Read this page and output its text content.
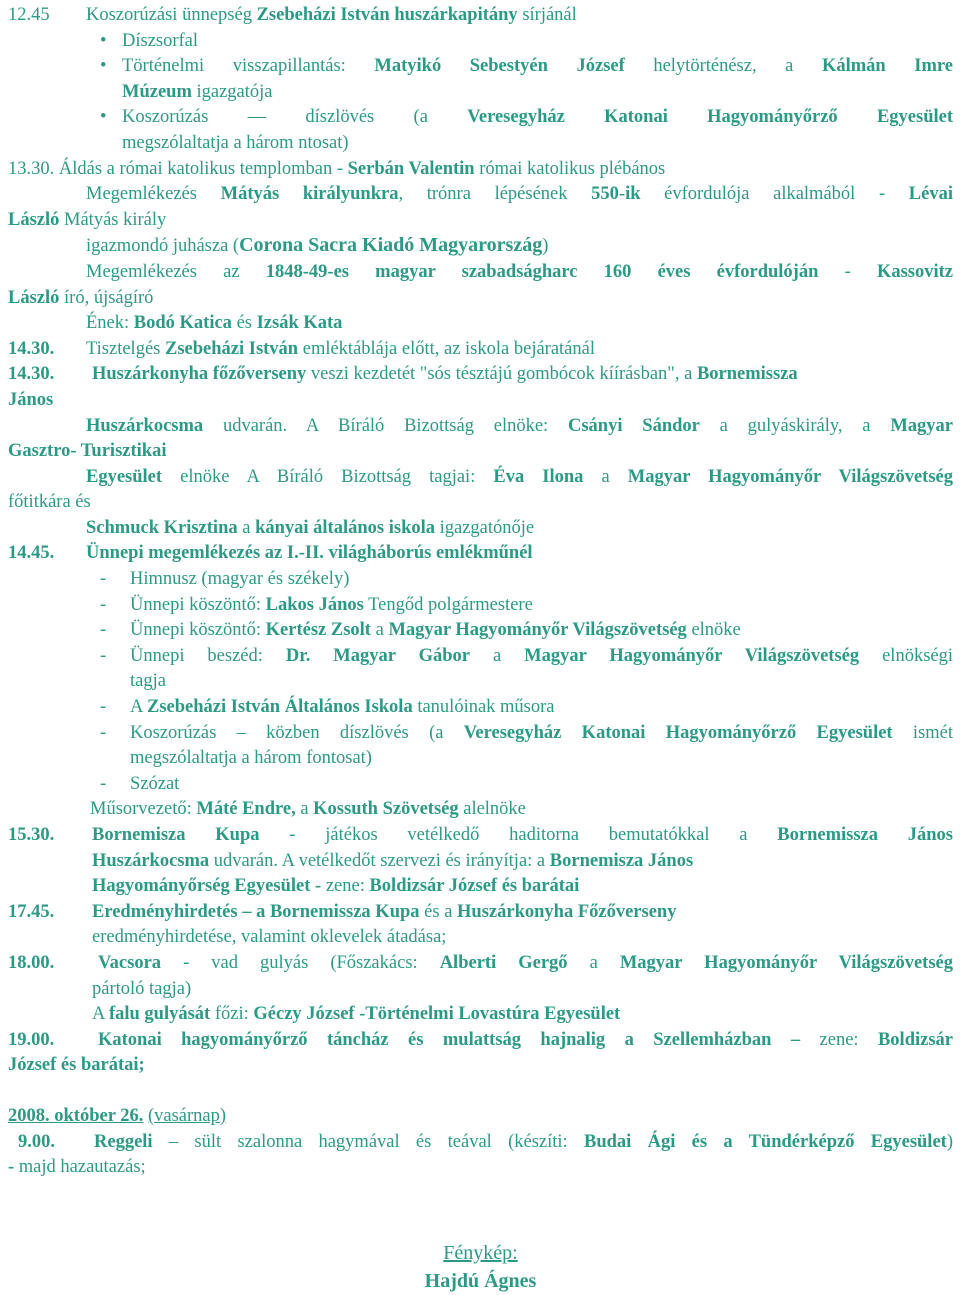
12.45 Koszorúzási ünnepség Zsebeházi István huszárkapitány sírjánál
• Díszsorfal

• Történelmi visszapillantás: Matyikó Sebestyén József helytörténész, a Kálmán Imre
Múzeum igazgatója
• Koszorúzás — díszlövés (a Veresegyház Katonai Hagyományőrző Egyesület
megszólaltatja a három ntosat)
13.30. Áldás a római katolikus templomban - Serbán Valentin római katolikus plébános
Megemlékezés Mátyás királyunkra, trónra lépésének 550-ik évfordulója alkalmából - Lévai
László Mátyás király
igazmondó juhásza (Corona Sacra Kiadó Magyarország)
Megemlékezés az 1848-49-es magyar szabadságharc 160 éves évfordulóján - Kassovitz
László író, újságíró
Ének: Bodó Katica és Izsák Kata
14.30. Tisztelgés Zsebeházi István emléktáblája előtt, az iskola bejáratánál
14.30. Huszárkonyha főzőverseny veszi kezdetét "sós tésztájú gombócok kíírásban", a Bornemissza
János
Huszárkocsma udvarán. A Bíráló Bizottság elnöke: Csányi Sándor a gulyáskirály, a Magyar
Gasztro- Turisztikai
Egyesület elnöke A Bíráló Bizottság tagjai: Éva Ilona a Magyar Hagyományőr Világszövetség
főtitkára és
Schmuck Krisztina a kányai általános iskola igazgatónője
14.45. Ünnepi megemlékezés az I.-II. világháborús emlékműnél
- Himnusz (magyar és székely)
- Ünnepi köszöntő: Lakos János Tengőd polgármestere
- Ünnepi köszöntő: Kertész Zsolt a Magyar Hagyományőr Világszövetség elnöke
- Ünnepi beszéd: Dr. Magyar Gábor a Magyar Hagyományőr Világszövetség elnökségi
tagja
- A Zsebeházi István Általános Iskola tanulóinak műsora
- Koszorúzás – közben díszlövés (a Veresegyház Katonai Hagyományőrző Egyesület ismét
megszólaltatja a három fontosat)
- Szózat
Műsorvezető: Máté Endre, a Kossuth Szövetség alelnöke
15.30. Bornemisza Kupa - játékos vetélkedő haditorna bemutatókkal a Bornemissza János
Huszárkocsma udvarán. A vetélkedőt szervezi és irányítja: a Bornemisza János
Hagyományőrség Egyesület - zene: Boldizsár József és barátai
17.45. Eredményhirdetés – a Bornemissza Kupa és a Huszárkonyha Főzőverseny
eredményhirdetése, valamint oklevelek átadása;
18.00. Vacsora - vad gulyás (Főszakács: Alberti Gergő a Magyar Hagyományőr Világszövetség
pártoló tagja)
A falu gulyását főzi: Géczy József -Történelmi Lovastúra Egyesület
19.00. Katonai hagyományőrző táncház és mulattság hajnalig a Szellemházban – zene: Boldizsár
József és barátai;
2008. október 26. (vasárnap)
9.00. Reggeli – sült szalonna hagymával és teával (készíti: Budai Ági és a Tündérképző Egyesület)
- majd hazautazás;
Fénykép:
Hajdú Ágnes
